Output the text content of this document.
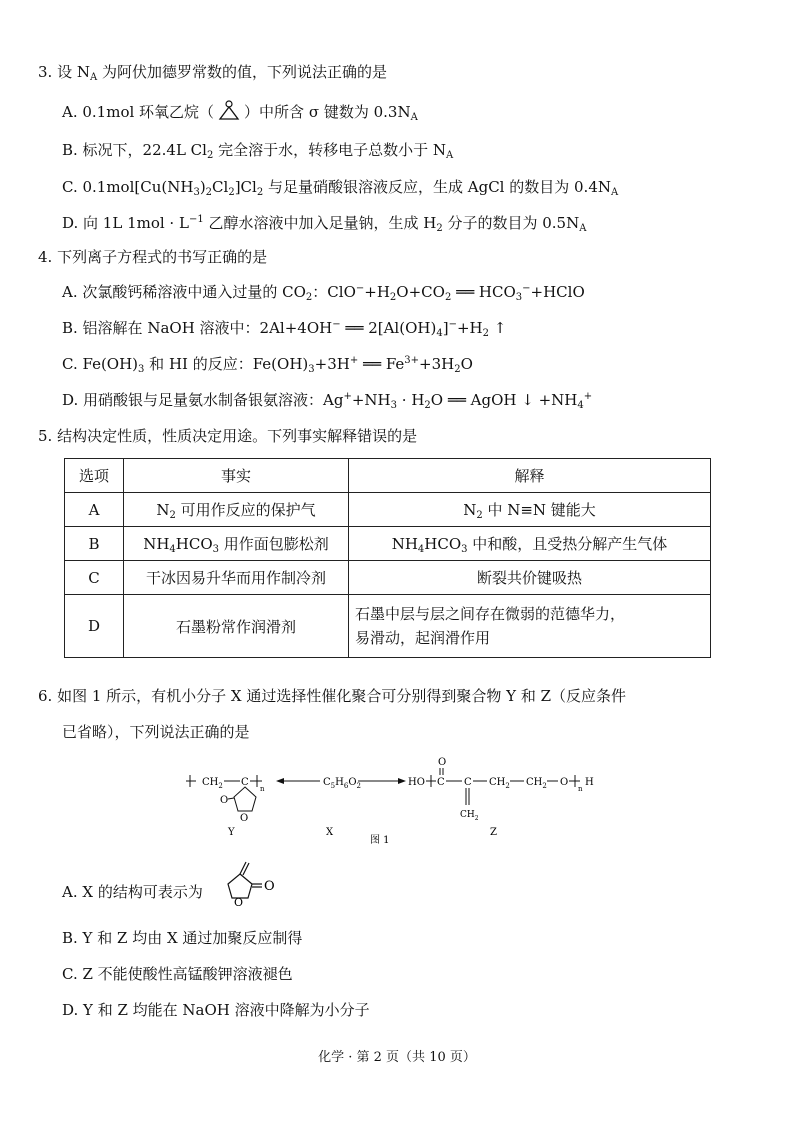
3. 设 $N_A$ 为阿伏加德罗常数的值，下列说法正确的是
A. 0.1mol 环氧乙烷（ ）中所含 σ 键数为 $0.3N_A$
B. 标况下，22.4L $Cl_2$ 完全溶于水，转移电子总数小于 $N_A$
C. $0.1mol[Cu(NH_3)_2Cl_2]Cl_2$ 与足量硝酸银溶液反应，生成 AgCl 的数目为 $0.4N_A$
D. 向 1L $1mol \cdot L^{-1}$ 乙醇水溶液中加入足量钠，生成 $H_2$ 分子的数目为 $0.5N_A$
4. 下列离子方程式的书写正确的是
A. 次氯酸钙稀溶液中通入过量的 $CO_2$：$ClO^-+H_2O+CO_2$ ══ $HCO_3^-+HClO$
B. 铝溶解在 NaOH 溶液中：2Al+4OH− ══ $2[Al(OH)_4]^-+H_2$ ↑
C. $Fe(OH)_3$ 和 HI 的反应：$Fe(OH)_3+3H^+$ ══ $Fe^{3+}+3H_2O$
D. 用硝酸银与足量氨水制备银氨溶液：$Ag^++NH_3 \cdot H_2O$ ══ AgOH ↓ $+NH_4^+$
5. 结构决定性质，性质决定用途。下列事实解释错误的是
选项	事实	解释
A	$N_2$ 可用作反应的保护气	$N_2$ 中 N≡N 键能大
B	$NH_4HCO_3$ 用作面包膨松剂	$NH_4HCO_3$ 中和酸，且受热分解产生气体
C	干冰因易升华而用作制冷剂	断裂共价键吸热
D	石墨粉常作润滑剂	石墨中层与层之间存在微弱的范德华力，
易滑动，起润滑作用
6. 如图 1 所示，有机小分子 X 通过选择性催化聚合可分别得到聚合物 Y 和 Z（反应条件
已省略），下列说法正确的是
$CH_2$ C
n
O
O
Y
$C_5H_6O_2$
X
HO C
O
C
$CH_2$
$CH_2$ $CH_2$ O
n
H
Z
图 1
A. X 的结构可表示为	O
O
B. Y 和 Z 均由 X 通过加聚反应制得
C. Z 不能使酸性高锰酸钾溶液褪色
D. Y 和 Z 均能在 NaOH 溶液中降解为小分子
化学 · 第 2 页（共 10 页）
